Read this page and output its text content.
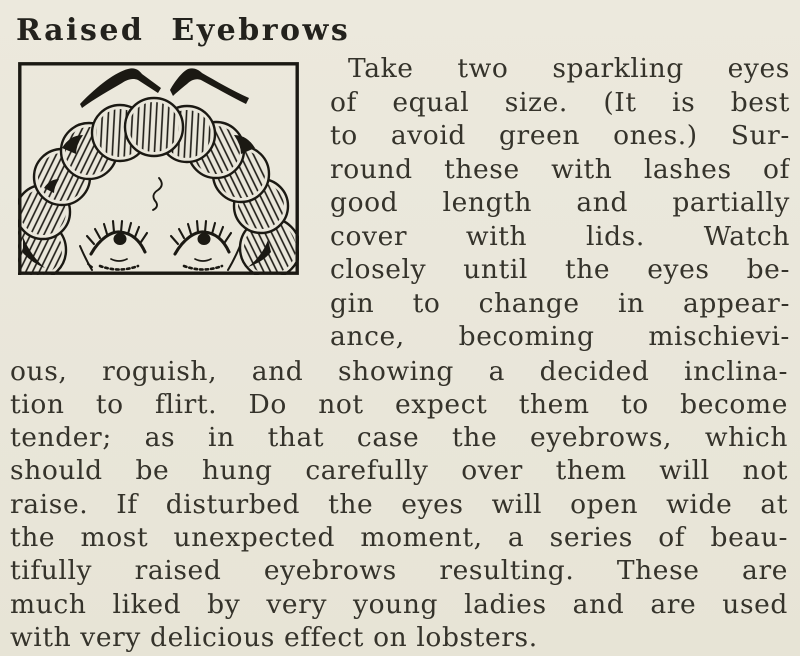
Raised Eyebrows
Take two sparkling eyes
of equal size. (It is best
to avoid green ones.) Sur-
round these with lashes of
good length and partially
cover with lids. Watch
closely until the eyes be-
gin to change in appear-
ance, becoming mischievi-
ous, roguish, and showing a decided inclina-
tion to flirt. Do not expect them to become
tender; as in that case the eyebrows, which
should be hung carefully over them will not
raise. If disturbed the eyes will open wide at
the most unexpected moment, a series of beau-
tifully raised eyebrows resulting. These are
much liked by very young ladies and are used
with very delicious effect on lobsters.
